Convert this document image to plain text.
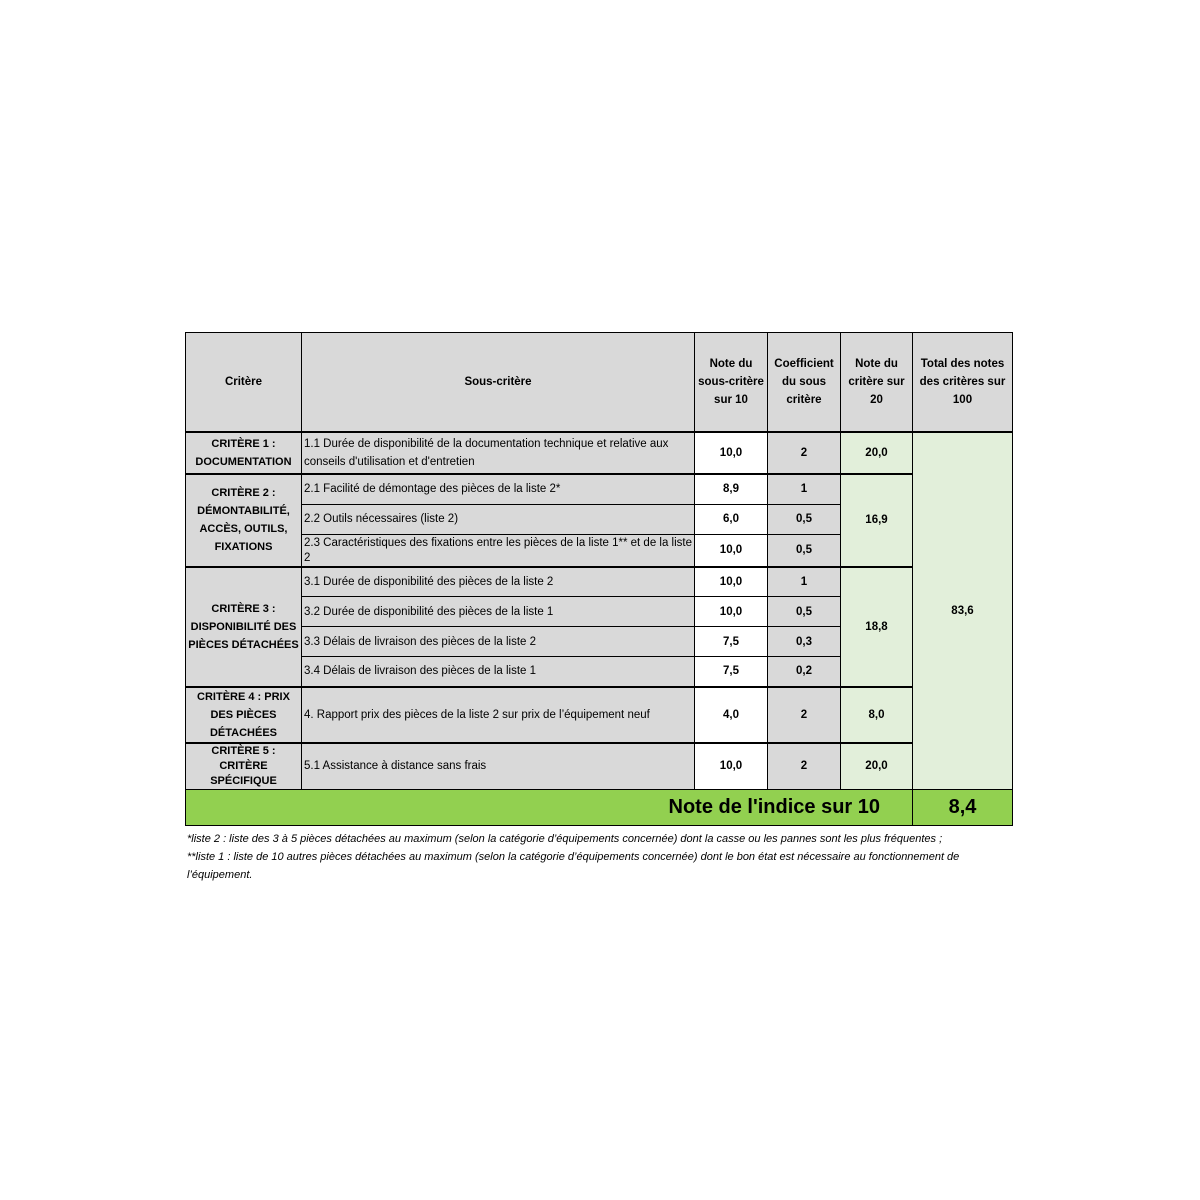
Critère	Sous-critère	Note du sous-critère sur 10	Coefficient du sous critère	Note du critère sur 20	Total des notes des critères sur 100
CRITÈRE 1 : DOCUMENTATION	1.1 Durée de disponibilité de la documentation technique et relative aux conseils d'utilisation et d'entretien	10,0	2	20,0	83,6
CRITÈRE 2 : DÉMONTABILITÉ, ACCÈS, OUTILS, FIXATIONS	2.1 Facilité de démontage des pièces de la liste 2*	8,9	1	16,9	
	2.2 Outils nécessaires (liste 2)	6,0	0,5		
	2.3 Caractéristiques des fixations entre les pièces de la liste 1** et de la liste 2	10,0	0,5		
CRITÈRE 3 : DISPONIBILITÉ DES PIÈCES DÉTACHÉES	3.1 Durée de disponibilité des pièces de la liste 2	10,0	1	18,8	
	3.2 Durée de disponibilité des pièces de la liste 1	10,0	0,5		
	3.3 Délais de livraison des pièces de la liste 2	7,5	0,3		
	3.4 Délais de livraison des pièces de la liste 1	7,5	0,2		
CRITÈRE 4 : PRIX DES PIÈCES DÉTACHÉES	4. Rapport prix des pièces de la liste 2 sur prix de l’équipement neuf	4,0	2	8,0	
CRITÈRE 5 : CRITÈRE SPÉCIFIQUE	5.1 Assistance à distance sans frais	10,0	2	20,0	
Note de l'indice sur 10					8,4

*liste 2 : liste des 3 à 5 pièces détachées au maximum (selon la catégorie d’équipements concernée) dont la casse ou les pannes sont les plus fréquentes ;

**liste 1 : liste de 10 autres pièces détachées au maximum (selon la catégorie d’équipements concernée) dont le bon état est nécessaire au fonctionnement de l’équipement.
